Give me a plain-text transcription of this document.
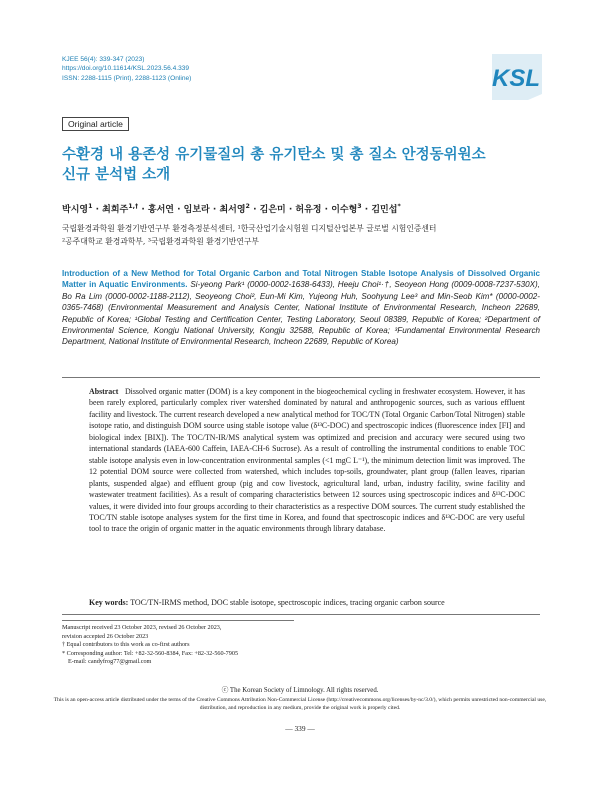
KJEE 56(4): 339-347 (2023)
https://doi.org/10.11614/KSL.2023.56.4.339
ISSN: 2288-1115 (Print), 2288-1123 (Online)	KSL
Original article
수환경 내 용존성 유기물질의 총 유기탄소 및 총 질소 안정동위원소
신규 분석법 소개
박시영$^1$ · 최희주$^{1,\dagger}$ · 홍서연 · 임보라 · 최서영$^2$ · 김은미 · 허유정 · 이수형$^3$ · 김민섭*
국립환경과학원 환경기반연구부 환경측정분석센터, ¹한국산업기술시험원 디지털산업본부 글로벌 시험인증센터
²공주대학교 환경과학부, ³국립환경과학원 환경기반연구부
Introduction of a New Method for Total Organic Carbon and Total Nitrogen Stable Isotope Analysis of Dissolved Organic Matter in Aquatic Environments. Si-yeong Park¹ (0000-0002-1638-6433), Heeju Choi¹·†, Seoyeon Hong (0009-0008-7237-530X), Bo Ra Lim (0000-0002-1188-2112), Seoyeong Choi², Eun-Mi Kim, Yujeong Huh, Soohyung Lee³ and Min-Seob Kim* (0000-0002-0365-7468) (Environmental Measurement and Analysis Center, National Institute of Environmental Research, Incheon 22689, Republic of Korea; ¹Global Testing and Certification Center, Testing Laboratory, Seoul 08389, Republic of Korea; ²Department of Environmental Science, Kongju National University, Kongju 32588, Republic of Korea; ³Fundamental Environmental Research Department, National Institute of Environmental Research, Incheon 22689, Republic of Korea)
Abstract Dissolved organic matter (DOM) is a key component in the biogeochemical cycling in freshwater ecosystem. However, it has been rarely explored, particularly complex river watershed dominated by natural and anthropogenic sources, such as various effluent facility and livestock. The current research developed a new analytical method for TOC/TN (Total Organic Carbon/Total Nitrogen) stable isotope ratio, and distinguish DOM source using stable isotope value (δ¹³C-DOC) and spectroscopic indices (fluorescence index [FI] and biological index [BIX]). The TOC/TN-IR/MS analytical system was optimized and precision and accuracy were secured using two international standards (IAEA-600 Caffein, IAEA-CH-6 Sucrose). As a result of controlling the instrumental conditions to enable TOC stable isotope analysis even in low-concentration environmental samples (<1 mgC L⁻¹), the minimum detection limit was improved. The 12 potential DOM source were collected from watershed, which includes top-soils, groundwater, plant group (fallen leaves, riparian plants, suspended algae) and effluent group (pig and cow livestock, agricultural land, urban, industry facility, swine facility and wastewater treatment facilities). As a result of comparing characteristics between 12 sources using spectroscopic indices and δ¹³C-DOC values, it were divided into four groups according to their characteristics as a respective DOM sources. The current study established the TOC/TN stable isotope analyses system for the first time in Korea, and found that spectroscopic indices and δ¹³C-DOC are very useful tool to trace the origin of organic matter in the aquatic environments through library database.
Key words: TOC/TN-IRMS method, DOC stable isotope, spectroscopic indices, tracing organic carbon source
Manuscript received 23 October 2023, revised 26 October 2023,
revision accepted 26 October 2023
† Equal contributors to this work as co-first authors
* Corresponding author: Tel: +82-32-560-8384, Fax: +82-32-560-7905
E-mail: candyfrog77@gmail.com
ⓒ The Korean Society of Limnology. All rights reserved.
This is an open-access article distributed under the terms of the Creative Commons Attribution Non-Commercial License (http://creativecommons.org/licenses/by-nc/3.0/), which permits unrestricted non-commercial use, distribution, and reproduction in any medium, provide the original work is properly cited.
— 339 —
